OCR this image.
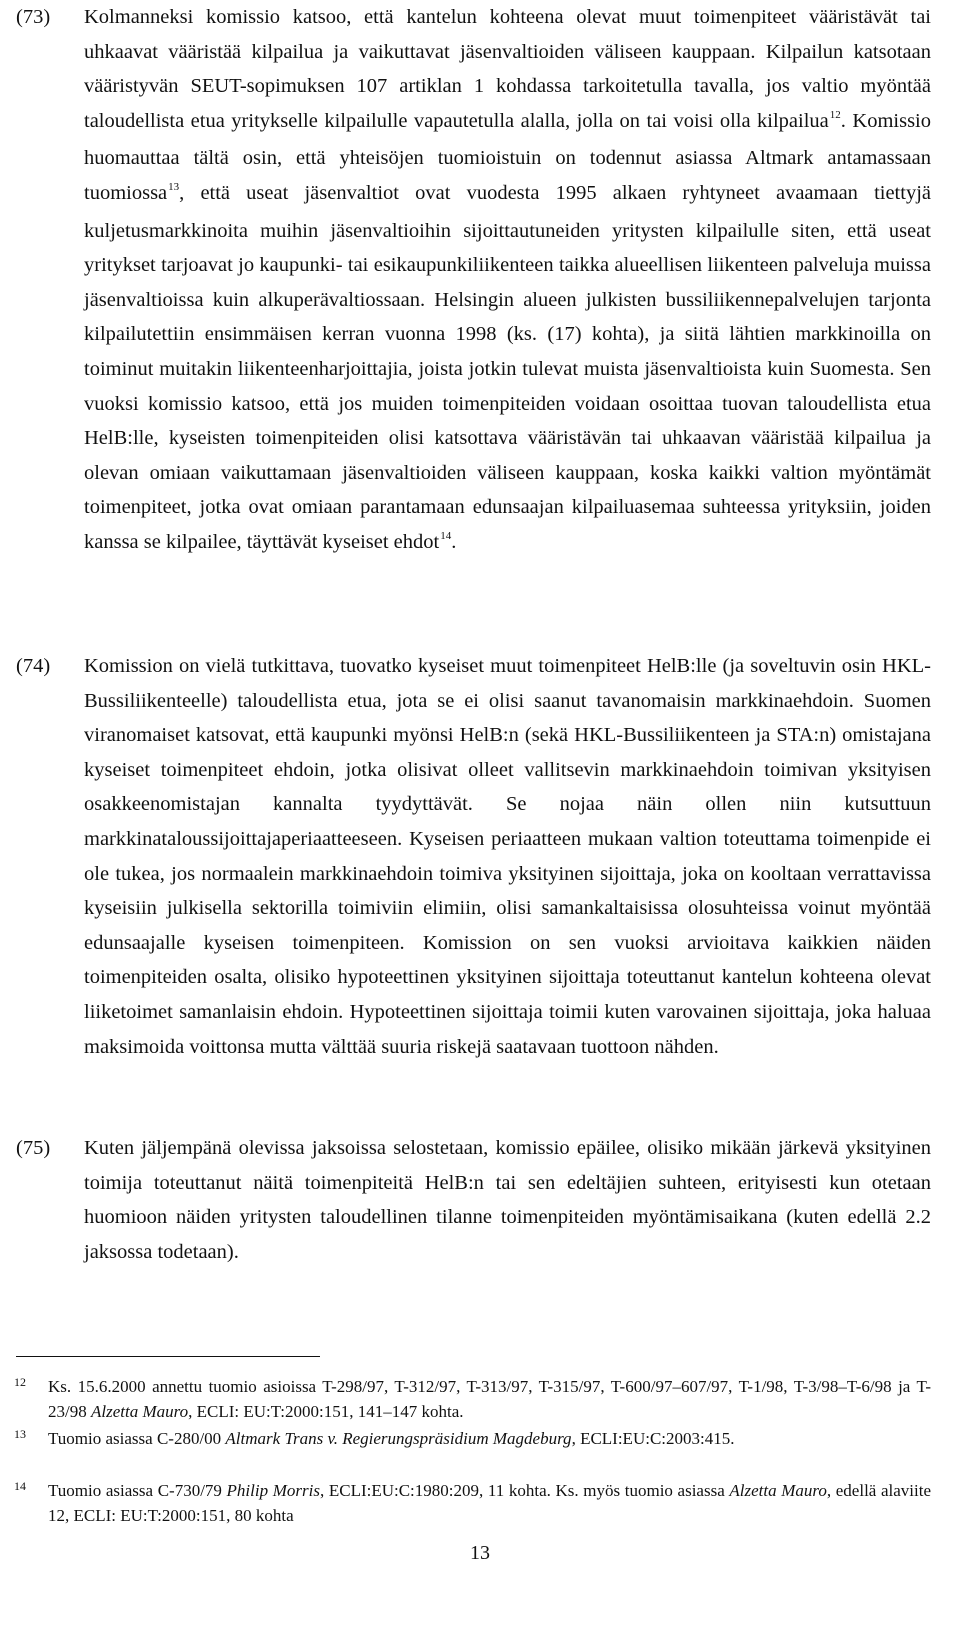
(73) Kolmanneksi komissio katsoo, että kantelun kohteena olevat muut toimenpiteet vääristävät tai uhkaavat vääristää kilpailua ja vaikuttavat jäsenvaltioiden väliseen kauppaan. Kilpailun katsotaan vääristyvän SEUT-sopimuksen 107 artiklan 1 kohdassa tarkoitetulla tavalla, jos valtio myöntää taloudellista etua yritykselle kilpailulle vapautetulla alalla, jolla on tai voisi olla kilpailua$^{12}$. Komissio huomauttaa tältä osin, että yhteisöjen tuomioistuin on todennut asiassa Altmark antamassaan tuomiossa$^{13}$, että useat jäsenvaltiot ovat vuodesta 1995 alkaen ryhtyneet avaamaan tiettyjä kuljetusmarkkinoita muihin jäsenvaltioihin sijoittautuneiden yritysten kilpailulle siten, että useat yritykset tarjoavat jo kaupunki- tai esikaupunkiliikenteen taikka alueellisen liikenteen palveluja muissa jäsenvaltioissa kuin alkuperävaltiossaan. Helsingin alueen julkisten bussiliikennepalvelujen tarjonta kilpailutettiin ensimmäisen kerran vuonna 1998 (ks. (17) kohta), ja siitä lähtien markkinoilla on toiminut muitakin liikenteenharjoittajia, joista jotkin tulevat muista jäsenvaltioista kuin Suomesta. Sen vuoksi komissio katsoo, että jos muiden toimenpiteiden voidaan osoittaa tuovan taloudellista etua HelB:lle, kyseisten toimenpiteiden olisi katsottava vääristävän tai uhkaavan vääristää kilpailua ja olevan omiaan vaikuttamaan jäsenvaltioiden väliseen kauppaan, koska kaikki valtion myöntämät toimenpiteet, jotka ovat omiaan parantamaan edunsaajan kilpailuasemaa suhteessa yrityksiin, joiden kanssa se kilpailee, täyttävät kyseiset ehdot$^{14}$.
(74) Komission on vielä tutkittava, tuovatko kyseiset muut toimenpiteet HelB:lle (ja soveltuvin osin HKL-Bussiliikenteelle) taloudellista etua, jota se ei olisi saanut tavanomaisin markkinaehdoin. Suomen viranomaiset katsovat, että kaupunki myönsi HelB:n (sekä HKL-Bussiliikenteen ja STA:n) omistajana kyseiset toimenpiteet ehdoin, jotka olisivat olleet vallitsevin markkinaehdoin toimivan yksityisen osakkeenomistajan kannalta tyydyttävät. Se nojaa näin ollen niin kutsuttuun markkinataloussijoittajaperiaatteeseen. Kyseisen periaatteen mukaan valtion toteuttama toimenpide ei ole tukea, jos normaalein markkinaehdoin toimiva yksityinen sijoittaja, joka on kooltaan verrattavissa kyseisiin julkisella sektorilla toimiviin elimiin, olisi samankaltaisissa olosuhteissa voinut myöntää edunsaajalle kyseisen toimenpiteen. Komission on sen vuoksi arvioitava kaikkien näiden toimenpiteiden osalta, olisiko hypoteettinen yksityinen sijoittaja toteuttanut kantelun kohteena olevat liiketoimet samanlaisin ehdoin. Hypoteettinen sijoittaja toimii kuten varovainen sijoittaja, joka haluaa maksimoida voittonsa mutta välttää suuria riskejä saatavaan tuottoon nähden.
(75) Kuten jäljempänä olevissa jaksoissa selostetaan, komissio epäilee, olisiko mikään järkevä yksityinen toimija toteuttanut näitä toimenpiteitä HelB:n tai sen edeltäjien suhteen, erityisesti kun otetaan huomioon näiden yritysten taloudellinen tilanne toimenpiteiden myöntämisaikana (kuten edellä 2.2 jaksossa todetaan).
12 Ks. 15.6.2000 annettu tuomio asioissa T-298/97, T-312/97, T-313/97, T-315/97, T-600/97–607/97, T-1/98, T-3/98–T-6/98 ja T-23/98 Alzetta Mauro, ECLI: EU:T:2000:151, 141–147 kohta.
13 Tuomio asiassa C-280/00 Altmark Trans v. Regierungspräsidium Magdeburg, ECLI:EU:C:2003:415.
14 Tuomio asiassa C-730/79 Philip Morris, ECLI:EU:C:1980:209, 11 kohta. Ks. myös tuomio asiassa Alzetta Mauro, edellä alaviite 12, ECLI: EU:T:2000:151, 80 kohta
13
